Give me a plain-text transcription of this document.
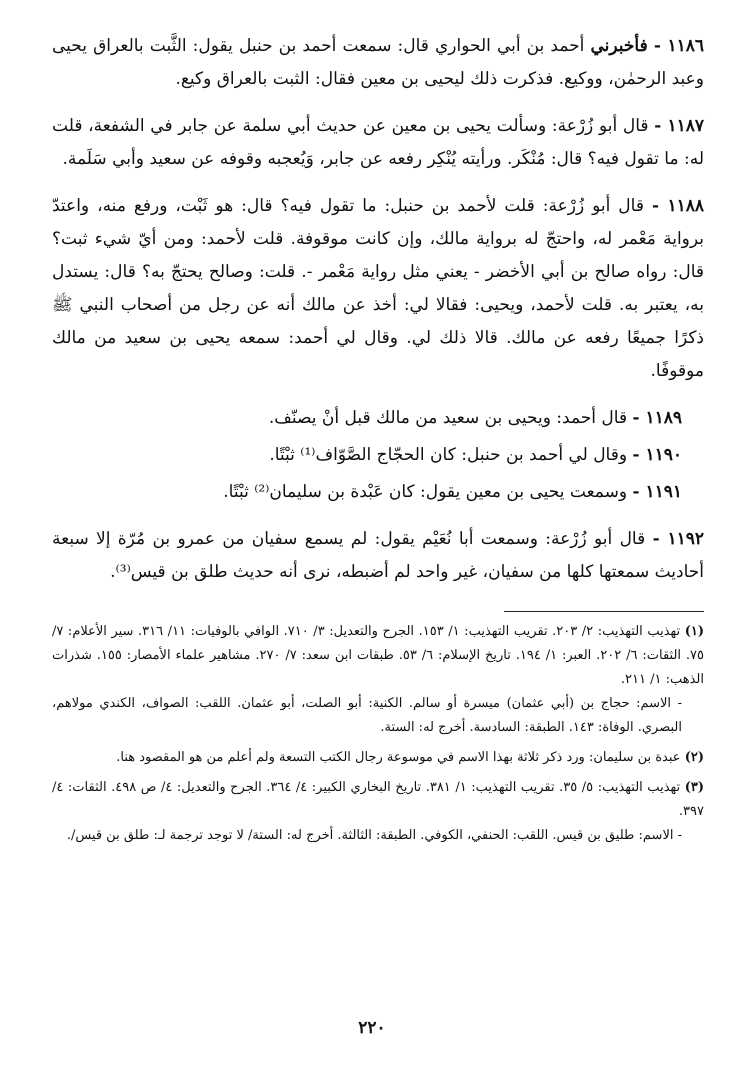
١١٨٦ - فأخبرني أحمد بن أبي الحواري قال: سمعت أحمد بن حنبل يقول: الثَّبت بالعراق يحيى وعبد الرحمٰن، ووكيع. فذكرت ذلك ليحيى بن معين فقال: الثبت بالعراق وكيع.

١١٨٧ - قال أبو زُرْعة: وسألت يحيى بن معين عن حديث أبي سلمة عن جابر في الشفعة، قلت له: ما تقول فيه؟ قال: مُنْكَر. ورأيته يُنْكِر رفعه عن جابر، وَيُعجبه وقوفه عن سعيد وأبي سَلَمة.

١١٨٨ - قال أبو زُرْعة: قلت لأحمد بن حنبل: ما تقول فيه؟ قال: هو ثَبْت، ورفع منه، واعتدّ برواية مَعْمر له، واحتجّ له برواية مالك، وإن كانت موقوفة. قلت لأحمد: ومن أيّ شيء ثبت؟ قال: رواه صالح بن أبي الأخضر - يعني مثل رواية مَعْمر -. قلت: وصالح يحتجّ به؟ قال: يستدل به، يعتبر به. قلت لأحمد، ويحيى: فقالا لي: أخذ عن مالك أنه عن رجل من أصحاب النبي ﷺ ذكرًا جميعًا رفعه عن مالك. قالا ذلك لي. وقال لي أحمد: سمعه يحيى بن سعيد من مالك موقوفًا.

١١٨٩ - قال أحمد: ويحيى بن سعيد من مالك قبل أنْ يصنّف.

١١٩٠ - وقال لي أحمد بن حنبل: كان الحجّاج الصَّوّاف⁽¹⁾ ثبْتًا.

١١٩١ - وسمعت يحيى بن معين يقول: كان عَبْدة بن سليمان⁽²⁾ ثبْتًا.

١١٩٢ - قال أبو زُرْعة: وسمعت أبا نُعَيْم يقول: لم يسمع سفيان من عمرو بن مُرّة إلا سبعة أحاديث سمعتها كلها من سفيان، غير واحد لم أضبطه، نرى أنه حديث طلق بن قيس⁽³⁾.

(١) تهذيب التهذيب: ٢/ ٢٠٣. تقريب التهذيب: ١/ ١٥٣. الجرح والتعديل: ٣/ ٧١٠. الوافي بالوفيات: ١١/ ٣١٦. سير الأعلام: ٧/ ٧٥. الثقات: ٦/ ٢٠٢. العبر: ١/ ١٩٤. تاريخ الإسلام: ٦/ ٥٣. طبقات ابن سعد: ٧/ ٢٧٠. مشاهير علماء الأمصار: ١٥٥. شذرات الذهب: ١/ ٢١١.
- الاسم: حجاج بن (أبي عثمان) ميسرة أو سالم. الكنية: أبو الصلت، أبو عثمان. اللقب: الصواف، الكندي مولاهم، البصري. الوفاة: ١٤٣. الطبقة: السادسة. أخرج له: الستة.

(٢) عبدة بن سليمان: ورد ذكر ثلاثة بهذا الاسم في موسوعة رجال الكتب التسعة ولم أعلم من هو المقصود هنا.

(٣) تهذيب التهذيب: ٥/ ٣٥. تقريب التهذيب: ١/ ٣٨١. تاريخ البخاري الكبير: ٤/ ٣٦٤. الجرح والتعديل: ٤/ ص ٤٩٨. الثقات: ٤/ ٣٩٧.
- الاسم: طليق بن قيس. اللقب: الحنفي، الكوفي. الطبقة: الثالثة. أخرج له: الستة/ لا توجد ترجمة لـ: طلق بن قيس/.

٢٢٠
